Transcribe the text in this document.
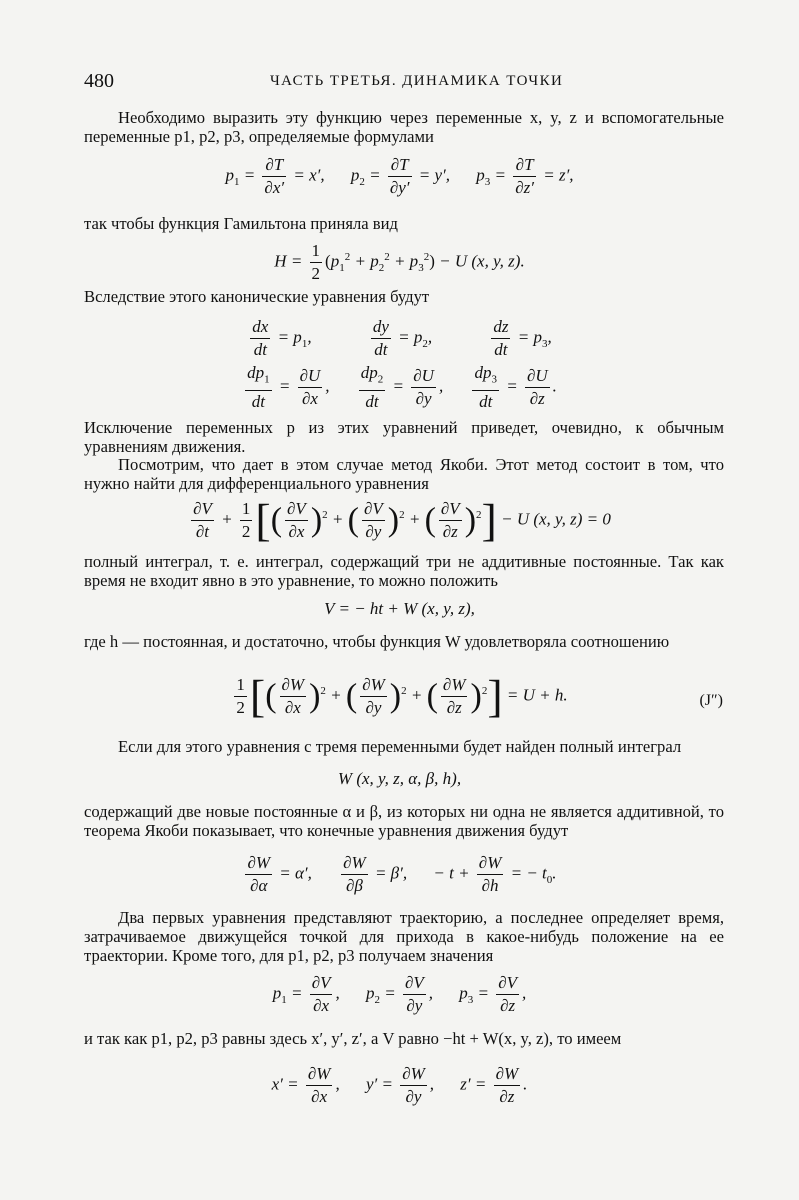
480	ЧАСТЬ ТРЕТЬЯ. ДИНАМИКА ТОЧКИ

Необходимо выразить эту функцию через переменные x, y, z и вспомогательные переменные p1, p2, p3, определяемые формулами

$p_1 = \frac{\partial T}{\partial x'} = x'$, $p_2 = \frac{\partial T}{\partial y'} = y'$, $p_3 = \frac{\partial T}{\partial z'} = z'$,

так чтобы функция Гамильтона приняла вид

$H = \frac{1}{2} (p_1^2 + p_2^2 + p_3^2) - U$ (x, y, z).

Вследствие этого канонические уравнения будут

$\frac{dx}{dt} = p_1$,	$\frac{dy}{dt} = p_2$,	$\frac{dz}{dt} = p_3$,
$\frac{dp_1}{dt} = \frac{\partial U}{\partial x}$ , $\frac{dp_2}{dt} = \frac{\partial U}{\partial y}$ , $\frac{dp_3}{dt} = \frac{\partial U}{\partial z}$ .

Исключение переменных p из этих уравнений приведет, очевидно, к обычным уравнениям движения.

Посмотрим, что дает в этом случае метод Якоби. Этот метод состоит в том, что нужно найти для дифференциального уравнения

$\frac{\partial V}{\partial t} + \frac{1}{2}$ [( $\frac{\partial V}{\partial x} )^2$ + ( $\frac{\partial V}{\partial y} )^2$ + ( $\frac{\partial V}{\partial z} )^2] - U$ (x, y, z) = 0

полный интеграл, т. е. интеграл, содержащий три не аддитивные постоянные. Так как время не входит явно в это уравнение, то можно положить

V = − ht + W (x, y, z),

где h — постоянная, и достаточно, чтобы функция W удовлетворяла соотношению

$\frac{1}{2}$ [( $\frac{\partial W}{\partial x} )^2$ + ( $\frac{\partial W}{\partial y} )^2$ + ( $\frac{\partial W}{\partial z} )^2] = U + h$.	(J″)

Если для этого уравнения с тремя переменными будет найден полный интеграл

W (x, y, z, α, β, h),

содержащий две новые постоянные α и β, из которых ни одна не является аддитивной, то теорема Якоби показывает, что конечные уравнения движения будут

$\frac{\partial W}{\partial\alpha} = \alpha'$, $\frac{\partial W}{\partial\beta} = \beta'$, − $t + \frac{\partial W}{\partial h}$ = − $t_0$.

Два первых уравнения представляют траекторию, а последнее определяет время, затрачиваемое движущейся точкой для прихода в какое-нибудь положение на ее траектории. Кроме того, для p1, p2, p3 получаем значения

$p_1 = \frac{\partial V}{\partial x}$ , $p_2 = \frac{\partial V}{\partial y}$ , $p_3 = \frac{\partial V}{\partial z}$ ,

и так как p1, p2, p3 равны здесь x′, y′, z′, а V равно −ht + W(x, y, z), то имеем

$x' = \frac{\partial W}{\partial x}$ , $y' = \frac{\partial W}{\partial y}$ , $z' = \frac{\partial W}{\partial z}$ .
